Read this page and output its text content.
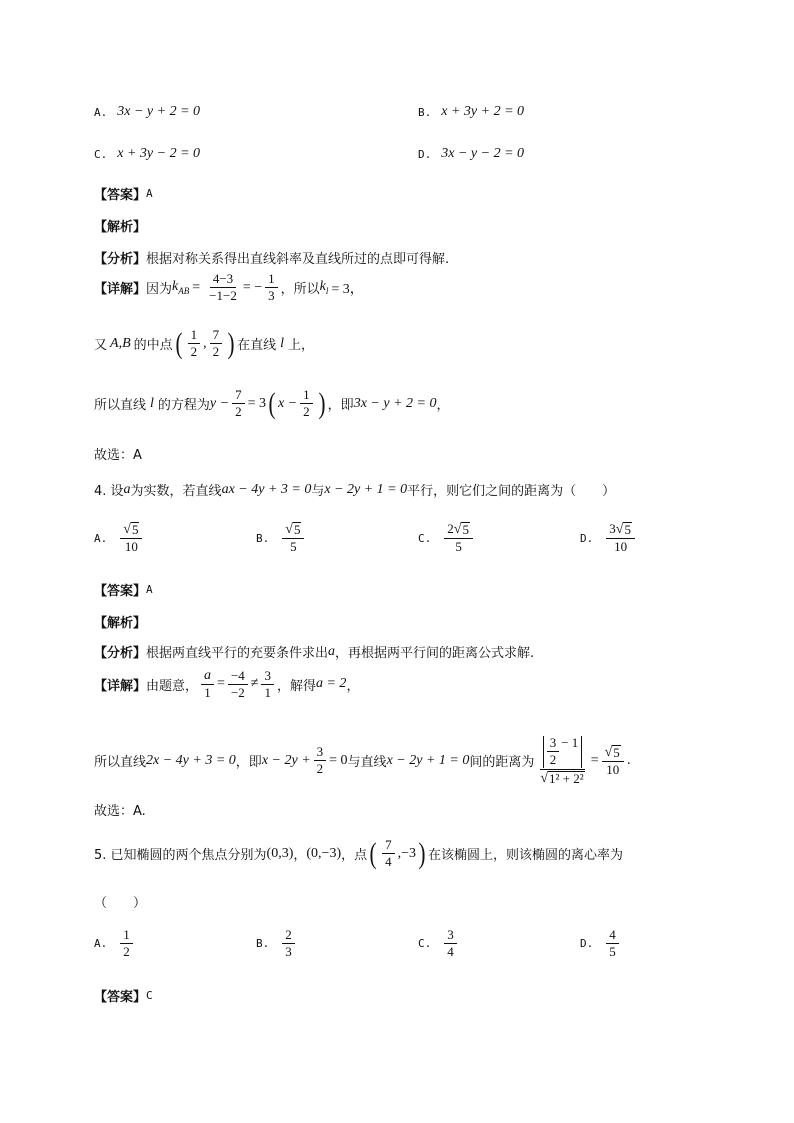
A. 3x − y + 2 = 0	B. x + 3y + 2 = 0
C. x + 3y − 2 = 0	D. 3x − y − 2 = 0
【答案】 A
【解析】
【分析】 根据对称关系得出直线斜率及直线所过的点即可得解.
【详解】 因为 $k_{AB} = \frac{4-3}{-1-2}$ = − $\frac{1}{3}$ ，所以 $k_l = 3$，
又 A,B 的中点 ( $\frac{1}{2}$ , $\frac{7}{2}$ ) 在直线 l 上，
所以直线 l 的方程为 $y - \frac{7}{2} = 3$ ( $x - \frac{1}{2}$ ) ，即 3x − y + 2 = 0 ，
故选：A
4. 设 a 为实数，若直线 ax − 4y + 3 = 0 与 x − 2y + 1 = 0 平行，则它们之间的距离为（　　）
A. $\frac{√ 5}{10}$	B. $\frac{√ 5}{5}$	C. $\frac{2 √ 5}{5}$	D. $\frac{3 √ 5}{10}$
【答案】 A
【解析】
【分析】 根据两直线平行的充要条件求出 a ，再根据两平行间的距离公式求解.
【详解】 由题意， $\frac{a}{1} = \frac{-4}{-2} \ne \frac{3}{1}$ ，解得 a = 2 ，
所以直线 2x − 4y + 3 = 0 ，即 $x - 2y + \frac{3}{2} = 0$ 与直线 x − 2y + 1 = 0 间的距离为 $\frac{\frac{3}{2} - 1}{\text{√ 1² + 2²}} = \frac{√ 5}{10}$ .
故选：A.
5. 已知椭圆的两个焦点分别为 (0,3) ， (0,−3) ，点 ( $\frac{7}{4} ,-3$ ) 在该椭圆上，则该椭圆的离心率为
（　　）
A. $\frac{1}{2}$	B. $\frac{2}{3}$	C. $\frac{3}{4}$	D. $\frac{4}{5}$
【答案】 C
